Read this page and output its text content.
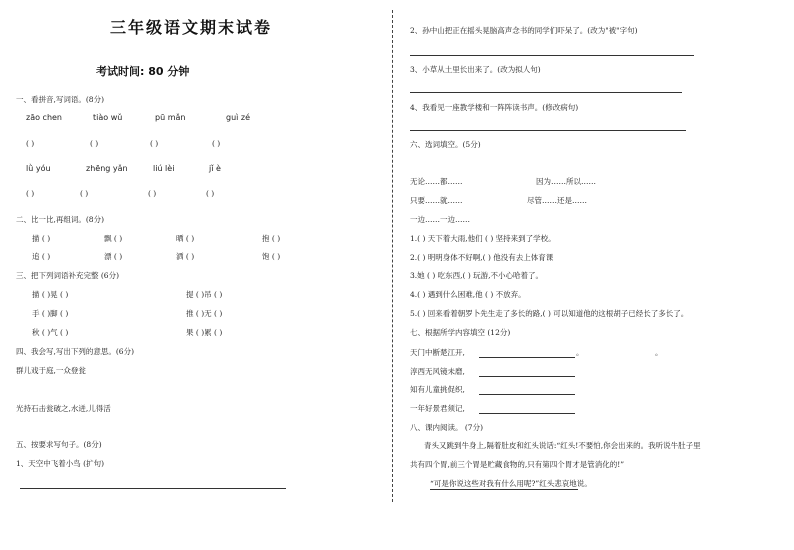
三年级语文期末试卷
考试时间: 80 分钟
一、看拼音,写词语。(8分)
zāo chen	tiào wǔ	pū mǎn	guì zé
( )	( )	( )	( )
lǜ yóu	zhēng yǎn	liú lèi	jǐ è
( )	( )	( )	( )
二、比一比,再组词。(8分)
描 ( )	飘 ( )	晒 ( )	抱 ( )
追 ( )	漂 ( )	洒 ( )	饱 ( )
三、把下列词语补充完整 (6分)
描 ( )晃 ( )	提 ( )吊 ( )
手 ( )脚 ( )	推 ( )无 ( )
秋 ( )气 ( )	果 ( )累 ( )
四、我会写,写出下列的意思。(6分)
群儿戏于庭,一众登瓮
光持石击瓮破之,水迸,儿得活
五、按要求写句子。(8分)
1、天空中飞着小鸟 (扩句)
2、孙中山把正在摇头晃脑高声念书的同学们吓呆了。(改为"被"字句)
3、小草从土里长出来了。(改为拟人句)
4、我看见一座教学楼和一阵阵读书声。(修改病句)
六、选词填空。(5分)
无论……都……	因为……所以……
只要……就……	尽管……还是……
一边……一边……
1.( ) 天下着大雨,他们 ( ) 坚持来到了学校。
2.( ) 明明身体不好啊,( ) 他没有去上体育课
3.她 ( ) 吃东西,( ) 玩游,不小心哈着了。
4.( ) 遇到什么困难,他 ( ) 不放弃。
5.( ) 回来看着朝罗卜先生走了多长的路,( ) 可以知道他的这根胡子已经长了多长了。
七、根据所学内容填空 (12分)
天门中断楚江开,	。	。
淳西无风镜未磨,
知有儿童挑促织,
一年好景君须记,
八、课内阅读。 (7分)
青头又跳到牛身上,隔着肚皮和红头说话:“红头!不要怕,你会出来的。我听说牛肚子里
共有四个胃,前三个胃是贮藏食物的,只有第四个胃才是管消化的!”
“可是你说这些对我有什么用呢?”红头悲哀地说。
